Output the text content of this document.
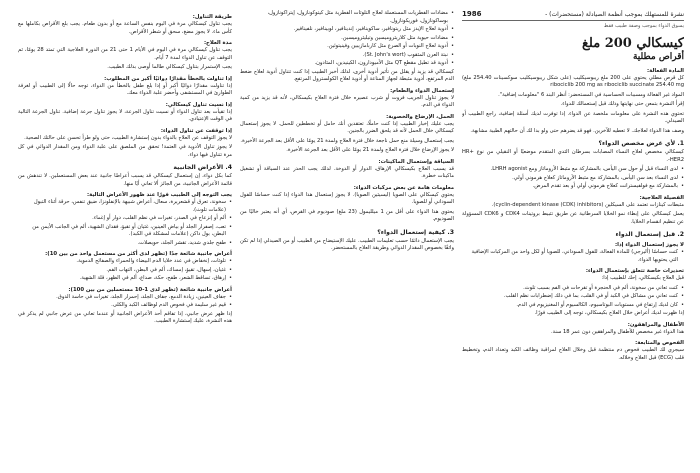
نشرة للمستهلك بموجب أنظمة الصيادلة (مستحضرات) -
1986
يسوق الدواء بموجب وصفة طبيب فقط
كيسكالي 200 ملغ
أقراص مطلية
المادة الفعالة:
كل قرص مطلي يحتوي على 200 ملغ ريبوسيكليب (على شكل ريبوسيكليب سوكسينات 254.40 ملغ) ribociclib 200 mg as ribociclib succinate 254.40 mg
المواد غير الفعالة ومسببات الحساسية في المستحضر: أنظر البند 6 "معلومات إضافية".
إقرأ النشرة بتمعن حتى نهايتها وذلك قبل إستعمالك للدواء.
تحتوي هذه النشرة على معلومات ملخصة عن الدواء. إذا توفرت لديك أسئلة إضافية، راجع الطبيب أو الصيدلي.
وصف هذا الدواء لعلاجك. لا تعطيه للآخرين. فهو قد يضرهم حتى ولو بدا لك أن حالتهم الطبية مشابهة.
1. لأي غرض مخصص الدواء؟
كيسكالي مخصص لعلاج النساء المصابات بسرطان الثدي المتقدم موضعيًا أو النقيلي من نوع HR+ HER2-.
• لدى النساء قبل أو حول سن اليأس، بالمشاركة مع مثبط الأروماتاز ومع LHRH agonist.
• لدى النساء بعد سن اليأس، بالمشاركة مع مثبط الأروماتاز كعلاج هرموني أولي.
• بالمشاركة مع فولفيسترانت كعلاج هرموني أولي أو بعد تقدم المرض.
الفصيلة العلاجية:
مثبطات كينازات تعتمد على السيكلين (cyclin-dependent kinase (CDK) inhibitors).
يعمل كيسكالي على إبطاء نمو الخلايا السرطانية عن طريق تثبيط بروتينات CDK4 و CDK6 المسؤولة عن تنظيم انقسام الخلايا.
2. قبل إستعمال الدواء
لا يجوز إستعمال الدواء إذا:
• كنت حساسًا (أليرجي) للمادة الفعالة، للفول السوداني، للصويا أو لكل واحد من المركبات الإضافية التي يحتويها الدواء.
تحذيرات خاصة تتعلق بإستعمال الدواء:
قبل العلاج بكيسكالي، إحك للطبيب إذا:
• كنت تعاني من سخونة، ألم في الحنجرة أو تقرحات في الفم بسبب تلوث.
• كنت تعاني من مشاكل في الكبد أو في القلب، بما في ذلك إضطرابات نظم القلب.
• كان لديك إرتفاع في مستويات البوتاسيوم، الكالسيوم أو المغنيزيوم في الدم.
إذا ظهرت لديك أعراض خلال العلاج بكيسكالي، توجه إلى الطبيب فورًا.
الأطفال والمراهقون:
هذا الدواء غير مخصص للأطفال والمراهقين دون عمر 18 سنة.
الفحوص والمتابعة:
سيجري لك الطبيب فحوص دم منتظمة قبل وخلال العلاج لمراقبة وظائف الكبد وتعداد الدم، وتخطيط قلب (ECG) قبل العلاج وخلاله.
• مضادات الفطريات المستعملة لعلاج التلوثات الفطرية مثل كيتوكونازول، إيتراكونازول، بوساكونازول، فوريكونازول.
• أدوية لعلاج الإيدز مثل ريتونافير، ساكوينافير، إندينافير، لوبينافير، نلفينافير.
• مضادات حيوية مثل كلاريثروميسين وتيليثروميسين.
• أدوية لعلاج النوبات أو الصرع مثل كاربامازيبين وفينيتوئين.
• نبتة العرن المثقوب (St. John's wort).
• أدوية قد تطيل مقطع QT مثل الأميودارون، الكينيدين، المثادون.
كيسكالي قد يزيد أو يقلل من تأثير أدوية أخرى، لذلك أخبر الطبيب إذا كنت تتناول أدوية لعلاج ضغط الدم المرتفع، أدوية مثبطة لجهاز المناعة أو أدوية لعلاج الكولسترول المرتفع.
إستعمال الدواء والطعام:
لا يجوز تناول الجريب فروت أو شرب عصيره خلال فترة العلاج بكيسكالي، لأنه قد يزيد من كمية الدواء في الدم.
الحمل، الإرضاع والخصوبة:
يجب عليك إخبار الطبيب إذا كنت حاملًا، تعتقدين أنك حامل أو تخططين للحمل. لا يجوز إستعمال كيسكالي خلال الحمل لأنه قد يلحق الضرر بالجنين.
يجب إستعمال وسيلة منع حمل ناجعة خلال فترة العلاج ولمدة 21 يومًا على الأقل بعد الجرعة الأخيرة.
لا يجوز الإرضاع خلال فترة العلاج ولمدة 21 يومًا على الأقل بعد الجرعة الأخيرة.
السياقة وإستعمال الماكينات:
قد يسبب العلاج بكيسكالي الإرهاق، الدوار أو الدوخة. لذلك يجب الحذر عند السياقة أو تشغيل ماكينات خطرة.
معلومات هامة عن بعض مركبات الدواء:
يحتوي كيسكالي على الصويا (ليسيثين الصويا). لا يجوز إستعمال هذا الدواء إذا كنت حساسًا للفول السوداني أو للصويا.
يحتوي هذا الدواء على أقل من 1 ميلليمول (23 ملغ) صوديوم في القرص، أي أنه يعتبر خاليًا من الصوديوم.
3. كيفية إستعمال الدواء؟
يجب الإستعمال دائمًا حسب تعليمات الطبيب. عليك الإستيضاح من الطبيب أو من الصيدلي إذا لم تكن واثقًا بخصوص المقدار الدوائي وطريقة العلاج بالمستحضر.
طريقة التناول:
يجب تناول كيسكالي مرة في اليوم بنفس الساعة مع أو بدون طعام. يجب بلع الأقراص بكاملها مع كأس ماء. لا يجوز مضغ، سحق أو شطر الأقراص.
مدة العلاج:
يجب تناول كيسكالي مرة في اليوم في الأيام 1 حتى 21 من الدورة العلاجية التي تمتد 28 يومًا، ثم التوقف عن تناول الدواء لمدة 7 أيام.
يجب الإستمرار بتناول كيسكالي طالما أوصى بذلك الطبيب.
إذا تناولت بالخطأ مقدارًا دوائيًا أكبر من المطلوب:
إذا تناولت مقدارًا دوائيًا أكبر أو إذا بلع طفل بالخطأ من الدواء، توجه حالًا إلى الطبيب أو لغرفة الطوارئ في المستشفى وأحضر علبة الدواء معك.
إذا نسيت تناول كيسكالي:
إذا تقيأت بعد تناول الدواء أو نسيت تناول الجرعة، لا يجوز تناول جرعة إضافية. تناول الجرعة التالية في الوقت الإعتيادي.
إذا توقفت عن تناول الدواء:
لا يجوز التوقف عن العلاج بالدواء بدون إستشارة الطبيب، حتى ولو طرأ تحسن على حالتك الصحية.
لا يجوز تناول الأدوية في العتمة! تحقق من الملصق على علبة الدواء ومن المقدار الدوائي في كل مرة تتناول فيها دواء.
4. الأعراض الجانبية
كما بكل دواء، إن إستعمال كيسكالي قد يسبب أعراضًا جانبية عند بعض المستعملين. لا تندهش من قائمة الأعراض الجانبية، من الجائز ألا تعاني أيًا منها.
يجب التوجه إلى الطبيب فورًا عند ظهور الأعراض التالية:
• سخونة، تعرق أو قشعريرة، سعال، أعراض شبيهة بالإنفلونزا، ضيق تنفس، حرقة أثناء التبول (علامات تلوث).
• ألم أو إنزعاج في الصدر، تغيرات في نظم القلب، دوار أو إغماء.
• تعب، إصفرار الجلد أو بياض العينين، غثيان أو تقيؤ، فقدان الشهية، ألم في الجانب الأيمن من البطن، بول داكن (علامات لمشكلة في الكبد).
• طفح جلدي شديد، تقشر الجلد، حويصلات.
أعراض جانبية شائعة جدًا (تظهر لدى أكثر من مستعمل واحد من بين 10):
• تلوثات، إنخفاض في عدد خلايا الدم البيضاء والحمراء والصفائح الدموية.
• غثيان، إسهال، تقيؤ، إمساك، ألم في البطن، التهاب الفم.
• إرهاق، تساقط الشعر، طفح، حكة، صداع، ألم في الظهر، قلة الشهية.
أعراض جانبية شائعة (تظهر لدى 1-10 مستعملين من بين 100):
• جفاف العينين، زيادة الدمع، جفاف الجلد، إحمرار الجلد، تغيرات في حاسة الذوق.
• قيم غير سليمة في فحوص الدم لوظائف الكبد والكلى.
إذا ظهر عرض جانبي، إذا تفاقم أحد الأعراض الجانبية أو عندما تعاني من عرض جانبي لم يذكر في هذه النشرة، عليك إستشارة الطبيب.
